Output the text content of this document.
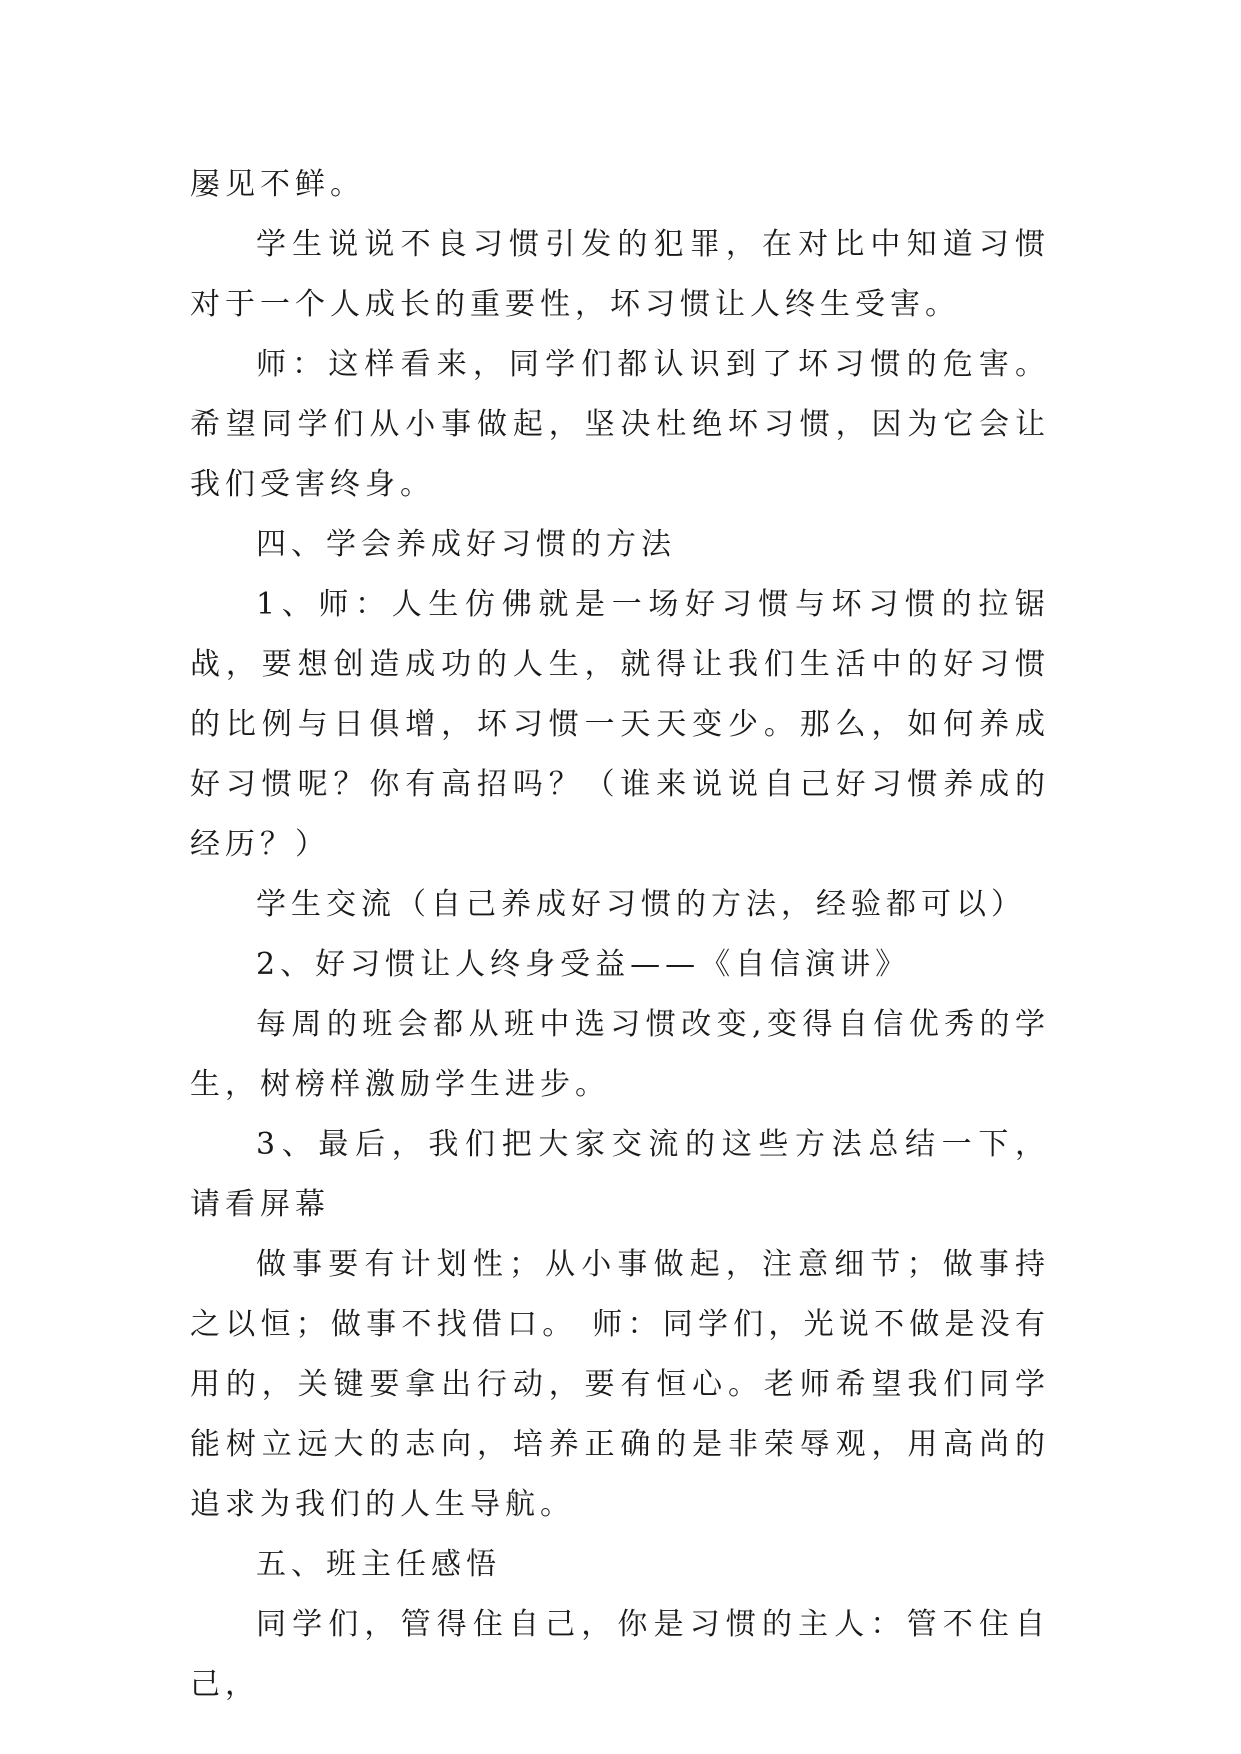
屡见不鲜。

学生说说不良习惯引发的犯罪，在对比中知道习惯对于一个人成长的重要性，坏习惯让人终生受害。

师：这样看来，同学们都认识到了坏习惯的危害。希望同学们从小事做起，坚决杜绝坏习惯，因为它会让我们受害终身。

四、学会养成好习惯的方法

1、师：人生仿佛就是一场好习惯与坏习惯的拉锯战，要想创造成功的人生，就得让我们生活中的好习惯的比例与日俱增，坏习惯一天天变少。那么，如何养成好习惯呢？你有高招吗？（谁来说说自己好习惯养成的经历？）

学生交流（自己养成好习惯的方法，经验都可以）

2、好习惯让人终身受益——《自信演讲》

每周的班会都从班中选习惯改变,变得自信优秀的学生，树榜样激励学生进步。

3、最后，我们把大家交流的这些方法总结一下，请看屏幕

做事要有计划性；从小事做起，注意细节；做事持之以恒；做事不找借口。 师：同学们，光说不做是没有用的，关键要拿出行动，要有恒心。老师希望我们同学能树立远大的志向，培养正确的是非荣辱观，用高尚的追求为我们的人生导航。

五、班主任感悟

同学们，管得住自己，你是习惯的主人：管不住自己，
